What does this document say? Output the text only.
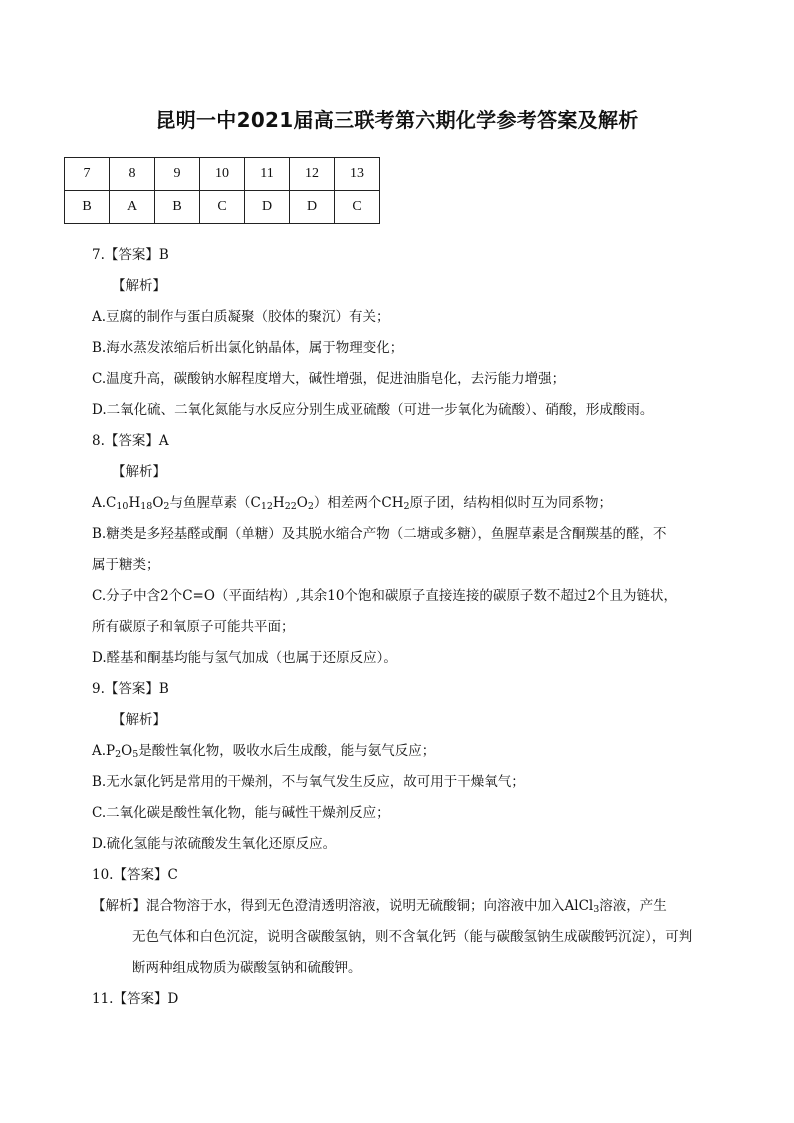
昆明一中2021届高三联考第六期化学参考答案及解析
7	8	9	10	11	12	13
B	A	B	C	D	D	C
7.【答案】B
【解析】
A.豆腐的制作与蛋白质凝聚（胶体的聚沉）有关；
B.海水蒸发浓缩后析出氯化钠晶体，属于物理变化；
C.温度升高，碳酸钠水解程度增大，碱性增强，促进油脂皂化，去污能力增强；
D.二氧化硫、二氧化氮能与水反应分别生成亚硫酸（可进一步氧化为硫酸）、硝酸，形成酸雨。
8.【答案】A
【解析】
$A.C_{10}H_{18}O_2$与鱼腥草素$(C_{12}H_{22}O_2)$相差两个$CH_2$原子团，结构相似时互为同系物；
B.糖类是多羟基醛或酮（单糖）及其脱水缩合产物（二塘或多糖），鱼腥草素是含酮羰基的醛，不
属于糖类；
C.分子中含2个C=O（平面结构）,其余10个饱和碳原子直接连接的碳原子数不超过2个且为链状，
所有碳原子和氧原子可能共平面；
D.醛基和酮基均能与氢气加成（也属于还原反应）。
9.【答案】B
【解析】
$A.P_2O_5$是酸性氧化物，吸收水后生成酸，能与氨气反应；
B.无水氯化钙是常用的干燥剂，不与氧气发生反应，故可用于干燥氧气；
C.二氧化碳是酸性氧化物，能与碱性干燥剂反应；
D.硫化氢能与浓硫酸发生氧化还原反应。
10.【答案】C
【解析】混合物溶于水，得到无色澄清透明溶液，说明无硫酸铜；向溶液中加入AlCl$_3$溶液，产生
无色气体和白色沉淀，说明含碳酸氢钠，则不含氧化钙（能与碳酸氢钠生成碳酸钙沉淀），可判
断两种组成物质为碳酸氢钠和硫酸钾。
11.【答案】D
